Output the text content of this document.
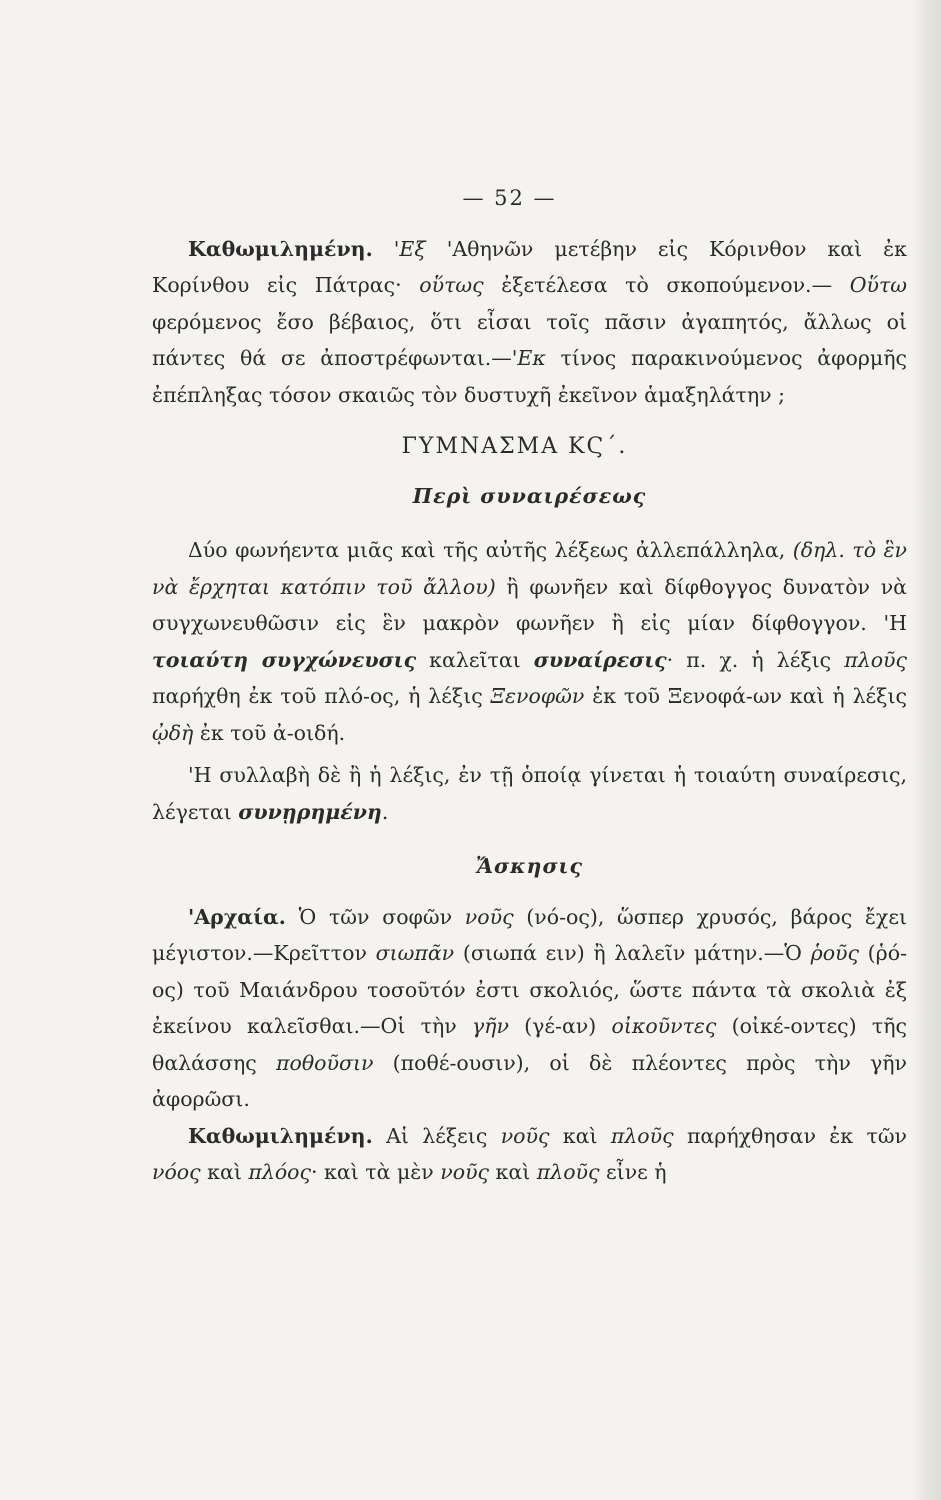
— 52 —

Καθωμιλημένη. 'Εξ 'Αθηνῶν μετέβην εἰς Κόρινθον καὶ ἐκ Κορίνθου εἰς Πάτρας· οὕτως ἐξετέλεσα τὸ σκοπούμενον.— Οὕτω φερόμενος ἔσο βέβαιος, ὅτι εἶσαι τοῖς πᾶσιν ἀγαπητός, ἄλλως οἱ πάντες θά σε ἀποστρέφωνται.—'Εκ τίνος παρακινούμενος ἀφορμῆς ἐπέπληξας τόσον σκαιῶς τὸν δυστυχῆ ἐκεῖνον ἁμαξηλάτην ;

ΓΥΜΝΑΣΜΑ ΚϚ΄.
Περὶ συναιρέσεως

Δύο φωνήεντα μιᾶς καὶ τῆς αὐτῆς λέξεως ἀλλεπάλληλα, (δηλ. τὸ ἓν νὰ ἔρχηται κατόπιν τοῦ ἄλλου) ἢ φωνῆεν καὶ δίφθογγος δυνατὸν νὰ συγχωνευθῶσιν εἰς ἓν μακρὸν φωνῆεν ἢ εἰς μίαν δίφθογγον. 'Η τοιαύτη συγχώνευσις καλεῖται συναίρεσις· π. χ. ἡ λέξις πλοῦς παρήχθη ἐκ τοῦ πλό-ος, ἡ λέξις Ξενοφῶν ἐκ τοῦ Ξενοφά-ων καὶ ἡ λέξις ᾠδὴ ἐκ τοῦ ἀ-οιδή.

'Η συλλαβὴ δὲ ἢ ἡ λέξις, ἐν τῇ ὁποίᾳ γίνεται ἡ τοιαύτη συναίρεσις, λέγεται συνῃρημένη.

Ἄσκησις

'Αρχαία. Ὁ τῶν σοφῶν νοῦς (νό-ος), ὥσπερ χρυσός, βάρος ἔχει μέγιστον.—Κρεῖττον σιωπᾶν (σιωπά ειν) ἢ λαλεῖν μάτην.—Ὁ ῥοῦς (ῥό-ος) τοῦ Μαιάνδρου τοσοῦτόν ἐστι σκολιός, ὥστε πάντα τὰ σκολιὰ ἐξ ἐκείνου καλεῖσθαι.—Οἱ τὴν γῆν (γέ-αν) οἰκοῦντες (οἰκέ-οντες) τῆς θαλάσσης ποθοῦσιν (ποθέ-ουσιν), οἱ δὲ πλέοντες πρὸς τὴν γῆν ἀφορῶσι.

Καθωμιλημένη. Αἱ λέξεις νοῦς καὶ πλοῦς παρήχθησαν ἐκ τῶν νόος καὶ πλόος· καὶ τὰ μὲν νοῦς καὶ πλοῦς εἶνε ἡ
